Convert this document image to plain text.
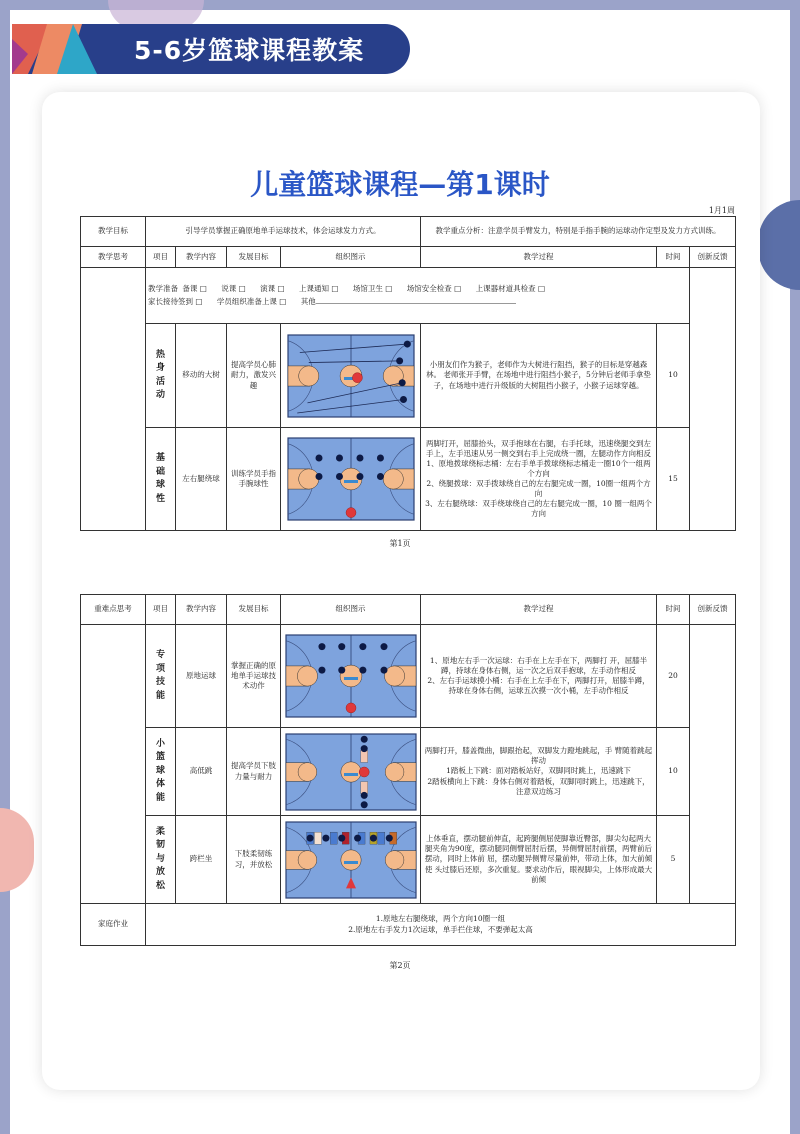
5-6岁篮球课程教案
儿童篮球课程—第1课时
1月1周
教学目标	引导学员掌握正确原地单手运球技术，体会运球发力方式。				教学重点分析：注意学员手臂发力，特别是手指手腕的运球动作定型及发力方式训练。		
教学思考	项目	教学内容	发展目标	组织图示	教学过程	时间	创新反馈
	教学准备 备课 □ 说课 □ 演课 □ 上课通知 □ 场馆卫生 □ 场馆安全检查 □ 上课器材道具检查 □
家长接待签到 □ 学员组织准备上课 □ 其他						

	热身活动	移动的大树	提高学员心肺耐力，激发兴趣		小朋友们作为猴子，老师作为大树进行阻挡，猴子的目标是穿越森林。 老师张开手臂，在场地中进行阻挡小猴子，5分钟后老师手拿垫子，在场地中进行升级版的大树阻挡小猴子，小猴子运球穿越。	10	

	基础球性	左右腿绕球	训练学员手指手腕球性		两脚打开，屈膝抬头，双手抱球在右腿，右手托球，迅速绕腿交到左手上，左手迅速从另一侧交到右手上完成绕一圈，左腿动作方向相反
1、原地拨球绕标志桶：左右手单手拨球绕标志桶走一圈10个一组两个方向
2、绕腿拨球：双手拨球绕自己的左右腿完成一圈，10圈一组两个方向
3、左右腿绕球：双手绕球绕自己的左右腿完成一圈，10 圈一组两个方向	15	
第1页
重难点思考	项目	教学内容	发展目标	组织图示	教学过程	时间	创新反馈

	专项技能	原地运球	掌握正确的原地单手运球技术动作		1、原地左右手一次运球：右手在上左手在下，两脚打 开，屈膝半蹲，持球在身体右侧，运一次之后双手抱球，左手动作相反
2、左右手运球摸小桶：右手在上左手在下，两脚打开，屈膝半蹲，持球在身体右侧，运球五次摸一次小桶，左手动作相反	20	

	小篮球体能	高低跳	提高学员下肢力量与耐力		两脚打开，膝盖微曲，脚跟抬起，双脚发力蹬地跳起，手 臂随着跳起挥动
1踏板上下跳：面对踏板站好，双脚同时跳上，迅速跳下
2踏板横向上下跳：身体右侧对着踏板，双脚同时跳上，迅速跳下，注意双边练习	10	

	柔韧与放松	跨栏坐	下肢柔韧练习，并放松		上体垂直，摆动腿前伸直，起跨腿侧屈使脚靠近臀部，脚尖勾起两大腿夹角为90度，摆动腿同侧臂屈肘后摆，异侧臂屈肘前摆，两臂前后摆动，同时上体前 屈，摆动腿异侧臂尽量前伸，带动上体，加大前倾使 头过膝后还原，多次重复。要求动作后，眼视脚尖，上体形成最大前倾	5	
家庭作业	1.原地左右腿绕球，两个方向10圈一组
2.原地左右手发力1次运球，单手拦住球，不要弹起太高						
第2页
